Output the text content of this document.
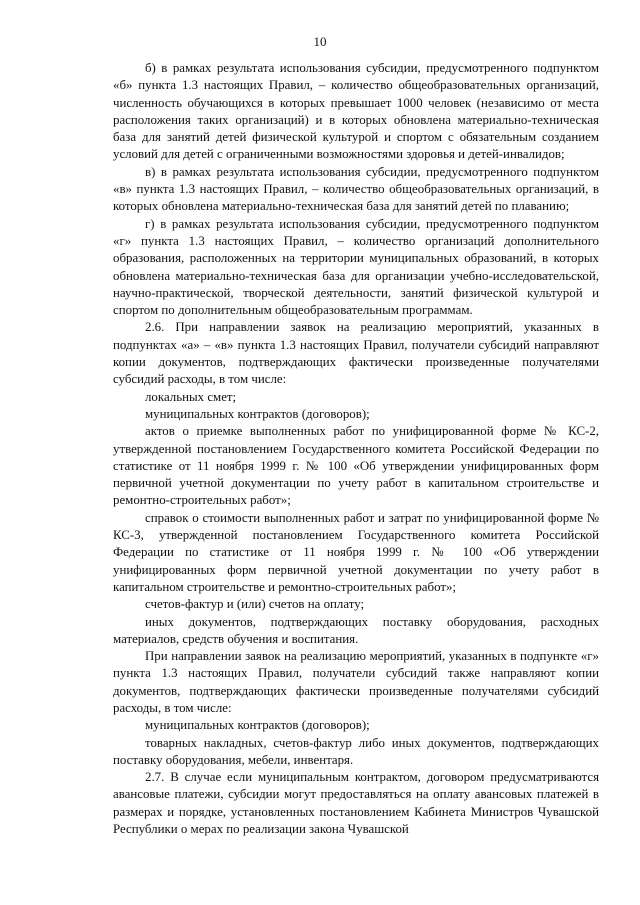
10

б) в рамках результата использования субсидии, предусмотренного подпунктом «б» пункта 1.3 настоящих Правил, – количество общеобразовательных организаций, численность обучающихся в которых превышает 1000 человек (независимо от места расположения таких организаций) и в которых обновлена материально-техническая база для занятий детей физической культурой и спортом с обязательным созданием условий для детей с ограниченными возможностями здоровья и детей-инвалидов;

в) в рамках результата использования субсидии, предусмотренного подпунктом «в» пункта 1.3 настоящих Правил, – количество общеобразовательных организаций, в которых обновлена материально-техническая база для занятий детей по плаванию;

г) в рамках результата использования субсидии, предусмотренного подпунктом «г» пункта 1.3 настоящих Правил, – количество организаций дополнительного образования, расположенных на территории муниципальных образований, в которых обновлена материально-техническая база для организации учебно-исследовательской, научно-практической, творческой деятельности, занятий физической культурой и спортом по дополнительным общеобразовательным программам.

2.6. При направлении заявок на реализацию мероприятий, указанных в подпунктах «а» – «в» пункта 1.3 настоящих Правил, получатели субсидий направляют копии документов, подтверждающих фактически произведенные получателями субсидий расходы, в том числе:

локальных смет;

муниципальных контрактов (договоров);

актов о приемке выполненных работ по унифицированной форме № КС-2, утвержденной постановлением Государственного комитета Российской Федерации по статистике от 11 ноября 1999 г. № 100 «Об утверждении унифицированных форм первичной учетной документации по учету работ в капитальном строительстве и ремонтно-строительных работ»;

справок о стоимости выполненных работ и затрат по унифицированной форме № КС-3, утвержденной постановлением Государственного комитета Российской Федерации по статистике от 11 ноября 1999 г. № 100 «Об утверждении унифицированных форм первичной учетной документации по учету работ в капитальном строительстве и ремонтно-строительных работ»;

счетов-фактур и (или) счетов на оплату;

иных документов, подтверждающих поставку оборудования, расходных материалов, средств обучения и воспитания.

При направлении заявок на реализацию мероприятий, указанных в подпункте «г» пункта 1.3 настоящих Правил, получатели субсидий также направляют копии документов, подтверждающих фактически произведенные получателями субсидий расходы, в том числе:

муниципальных контрактов (договоров);

товарных накладных, счетов-фактур либо иных документов, подтверждающих поставку оборудования, мебели, инвентаря.

2.7. В случае если муниципальным контрактом, договором предусматриваются авансовые платежи, субсидии могут предоставляться на оплату авансовых платежей в размерах и порядке, установленных постановлением Кабинета Министров Чувашской Республики о мерах по реализации закона Чувашской
